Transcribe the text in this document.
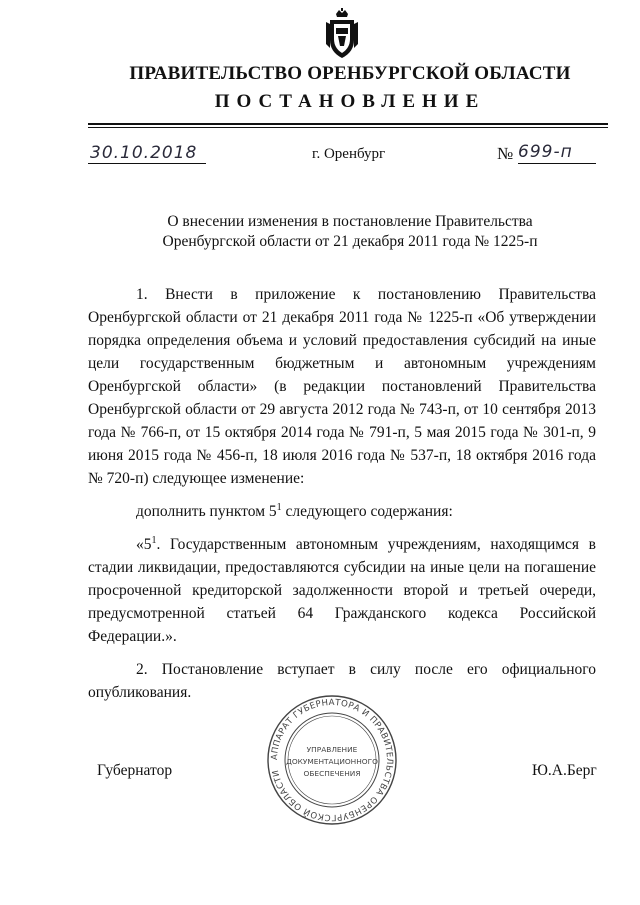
ПРАВИТЕЛЬСТВО ОРЕНБУРГСКОЙ ОБЛАСТИ
ПОСТАНОВЛЕНИЕ
30.10.2018	г. Оренбург	№ 699-п
О внесении изменения в постановление Правительства
Оренбургской области от 21 декабря 2011 года № 1225-п

1. Внести в приложение к постановлению Правительства Оренбургской области от 21 декабря 2011 года № 1225-п «Об утверждении порядка определения объема и условий предоставления субсидий на иные цели государственным бюджетным и автономным учреждениям Оренбургской области» (в редакции постановлений Правительства Оренбургской области от 29 августа 2012 года № 743-п, от 10 сентября 2013 года № 766-п, от 15 октября 2014 года № 791-п, 5 мая 2015 года № 301-п, 9 июня 2015 года № 456-п, 18 июля 2016 года № 537-п, 18 октября 2016 года № 720-п) следующее изменение:

дополнить пунктом $5^1$ следующего содержания:

«$5^1$. Государственным автономным учреждениям, находящимся в стадии ликвидации, предоставляются субсидии на иные цели на погашение просроченной кредиторской задолженности второй и третьей очереди, предусмотренной статьей 64 Гражданского кодекса Российской Федерации.».

2. Постановление вступает в силу после его официального опубликования.

АППАРАТ ГУБЕРНАТОРА И ПРАВИТЕЛЬСТВА ОРЕНБУРГСКОЙ ОБЛАСТИ
УПРАВЛЕНИЕ
ДОКУМЕНТАЦИОННОГО
ОБЕСПЕЧЕНИЯ
Губернатор	Ю.А.Берг
